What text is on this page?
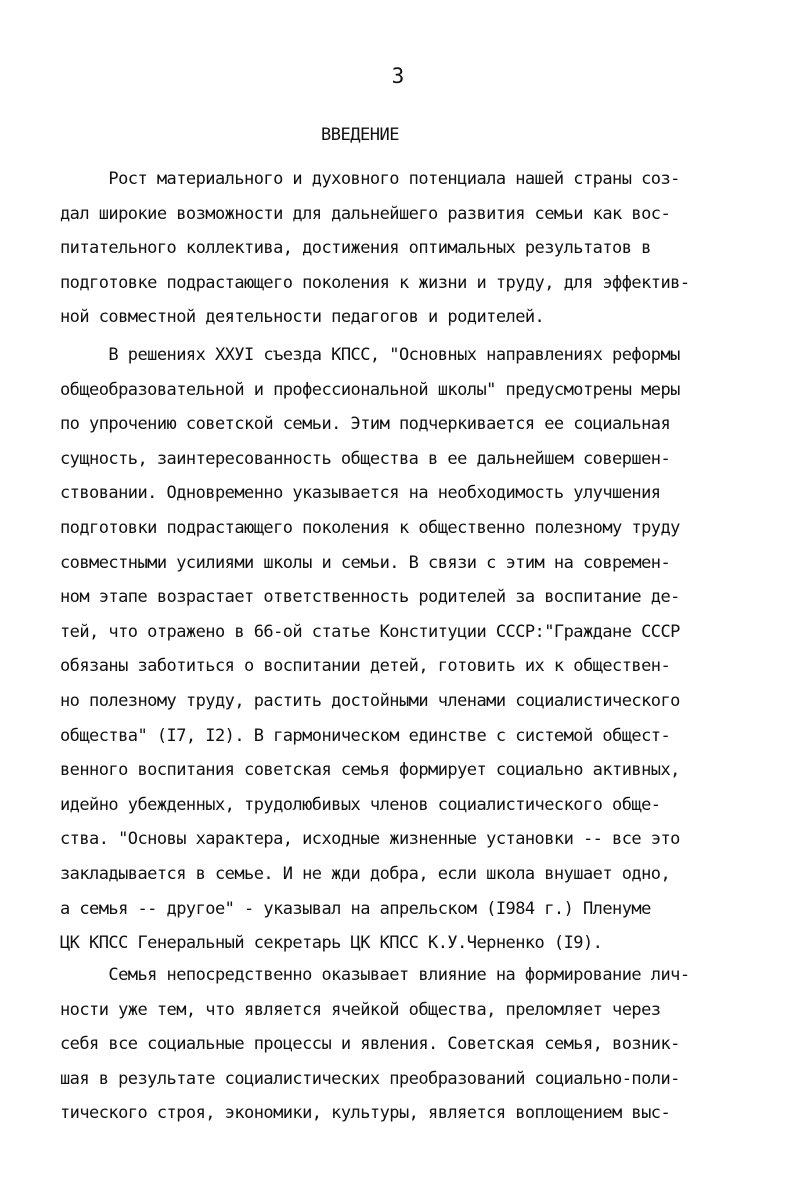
3
ВВЕДЕНИЕ
Рост материального и духовного потенциала нашей страны соз-
дал широкие возможности для дальнейшего развития семьи как вос-
питательного коллектива, достижения оптимальных результатов в
подготовке подрастающего поколения к жизни и труду, для эффектив-
ной совместной деятельности педагогов и родителей.
В решениях ХХУI съезда КПСС, "Основных направлениях реформы
общеобразовательной и профессиональной школы" предусмотрены меры
по упрочению советской семьи. Этим подчеркивается ее социальная
сущность, заинтересованность общества в ее дальнейшем совершен-
ствовании. Одновременно указывается на необходимость улучшения
подготовки подрастающего поколения к общественно полезному труду
совместными усилиями школы и семьи. В связи с этим на современ-
ном этапе возрастает ответственность родителей за воспитание де-
тей, что отражено в 66-ой статье Конституции СССР:"Граждане СССР
обязаны заботиться о воспитании детей, готовить их к обществен-
но полезному труду, растить достойными членами социалистического
общества" (I7, I2). В гармоническом единстве с системой общест-
венного воспитания советская семья формирует социально активных,
идейно убежденных, трудолюбивых членов социалистического обще-
ства. "Основы характера, исходные жизненные установки -- все это
закладывается в семье. И не жди добра, если школа внушает одно,
а семья -- другое" - указывал на апрельском (I984 г.) Пленуме
ЦК КПСС Генеральный секретарь ЦК КПСС К.У.Черненко (I9).
Семья непосредственно оказывает влияние на формирование лич-
ности уже тем, что является ячейкой общества, преломляет через
себя все социальные процессы и явления. Советская семья, возник-
шая в результате социалистических преобразований социально-поли-
тического строя, экономики, культуры, является воплощением выс-
